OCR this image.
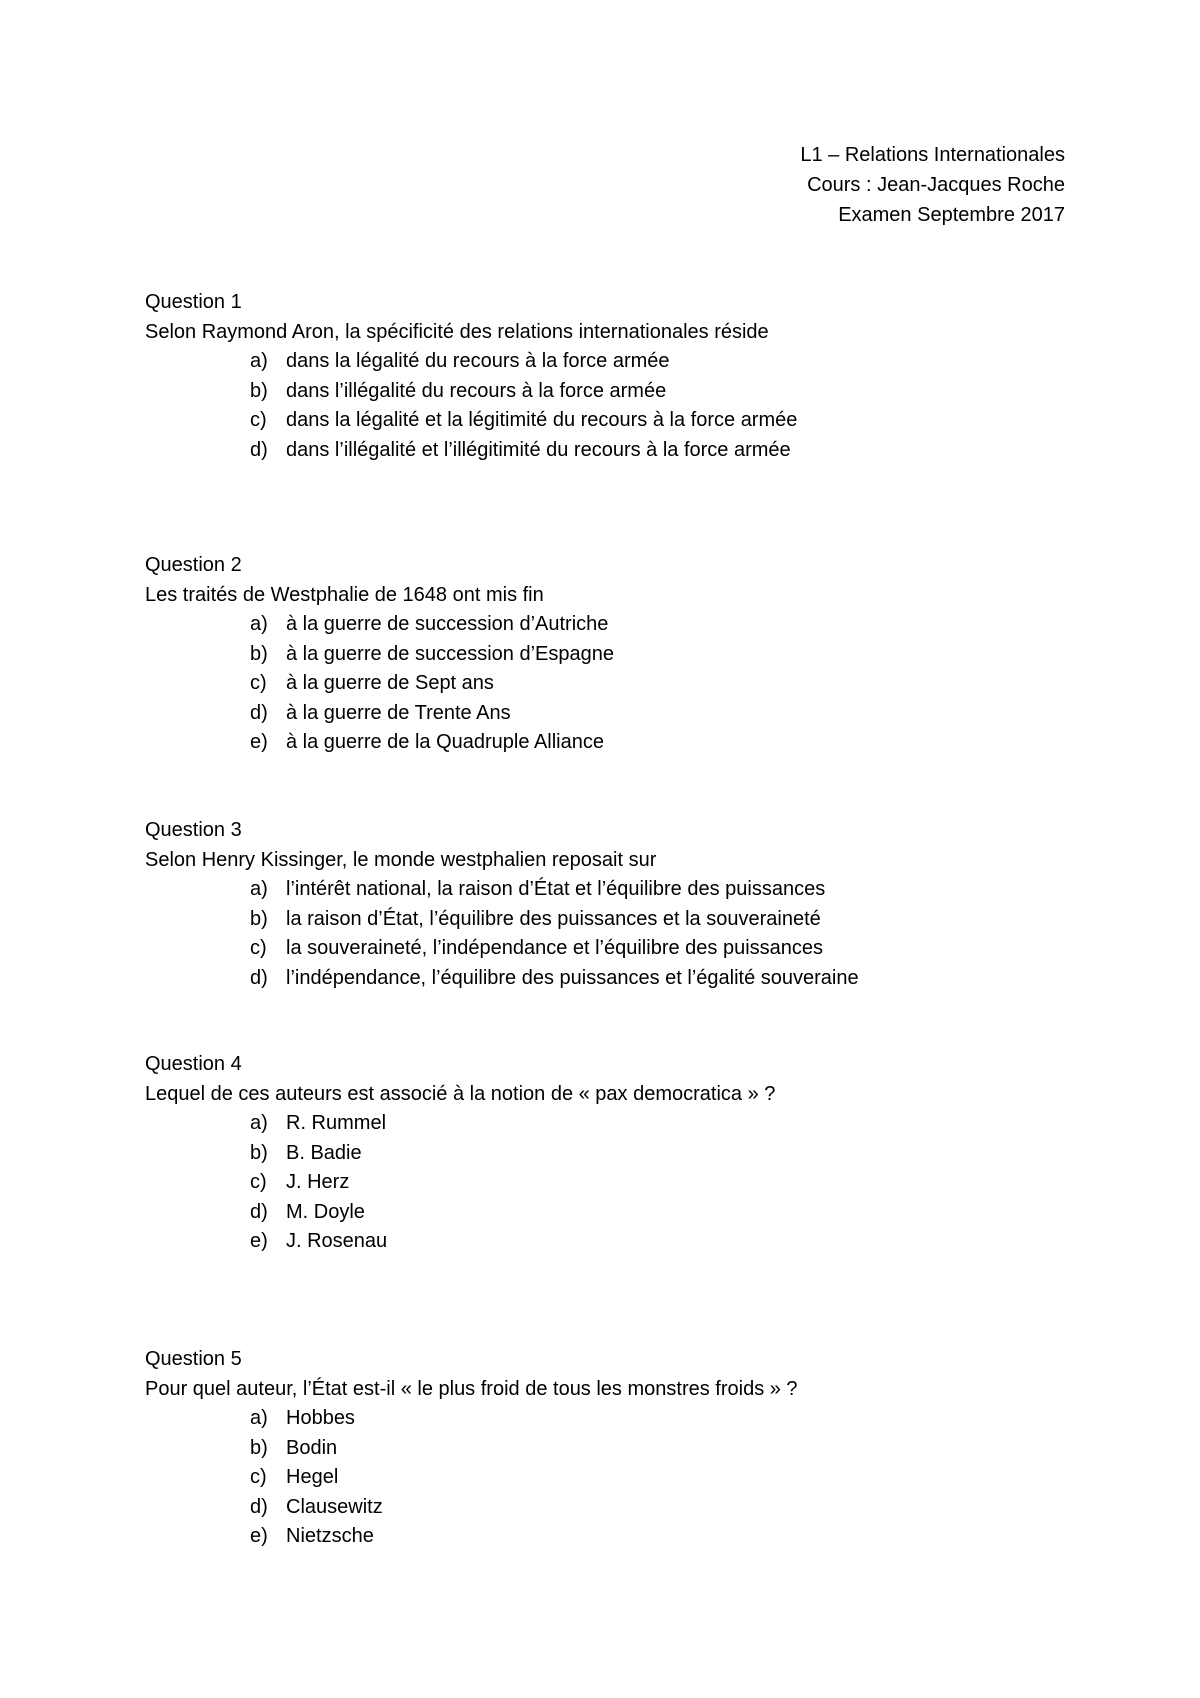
L1 – Relations Internationales
Cours : Jean-Jacques Roche
Examen Septembre 2017
Question 1
Selon Raymond Aron, la spécificité des relations internationales réside
a) dans la légalité du recours à la force armée
b) dans l’illégalité du recours à la force armée
c) dans la légalité et la légitimité du recours à la force armée
d) dans l’illégalité et l’illégitimité du recours à la force armée
Question 2
Les traités de Westphalie de 1648 ont mis fin
a) à la guerre de succession d’Autriche
b) à la guerre de succession d’Espagne
c) à la guerre de Sept ans
d) à la guerre de Trente Ans
e) à la guerre de la Quadruple Alliance
Question 3
Selon Henry Kissinger, le monde westphalien reposait sur
a) l’intérêt national, la raison d’État et l’équilibre des puissances
b) la raison d’État, l’équilibre des puissances et la souveraineté
c) la souveraineté, l’indépendance et l’équilibre des puissances
d) l’indépendance, l’équilibre des puissances et l’égalité souveraine
Question 4
Lequel de ces auteurs est associé à la notion de « pax democratica » ?
a) R. Rummel
b) B. Badie
c) J. Herz
d) M. Doyle
e) J. Rosenau
Question 5
Pour quel auteur, l’État est-il « le plus froid de tous les monstres froids » ?
a) Hobbes
b) Bodin
c) Hegel
d) Clausewitz
e) Nietzsche
